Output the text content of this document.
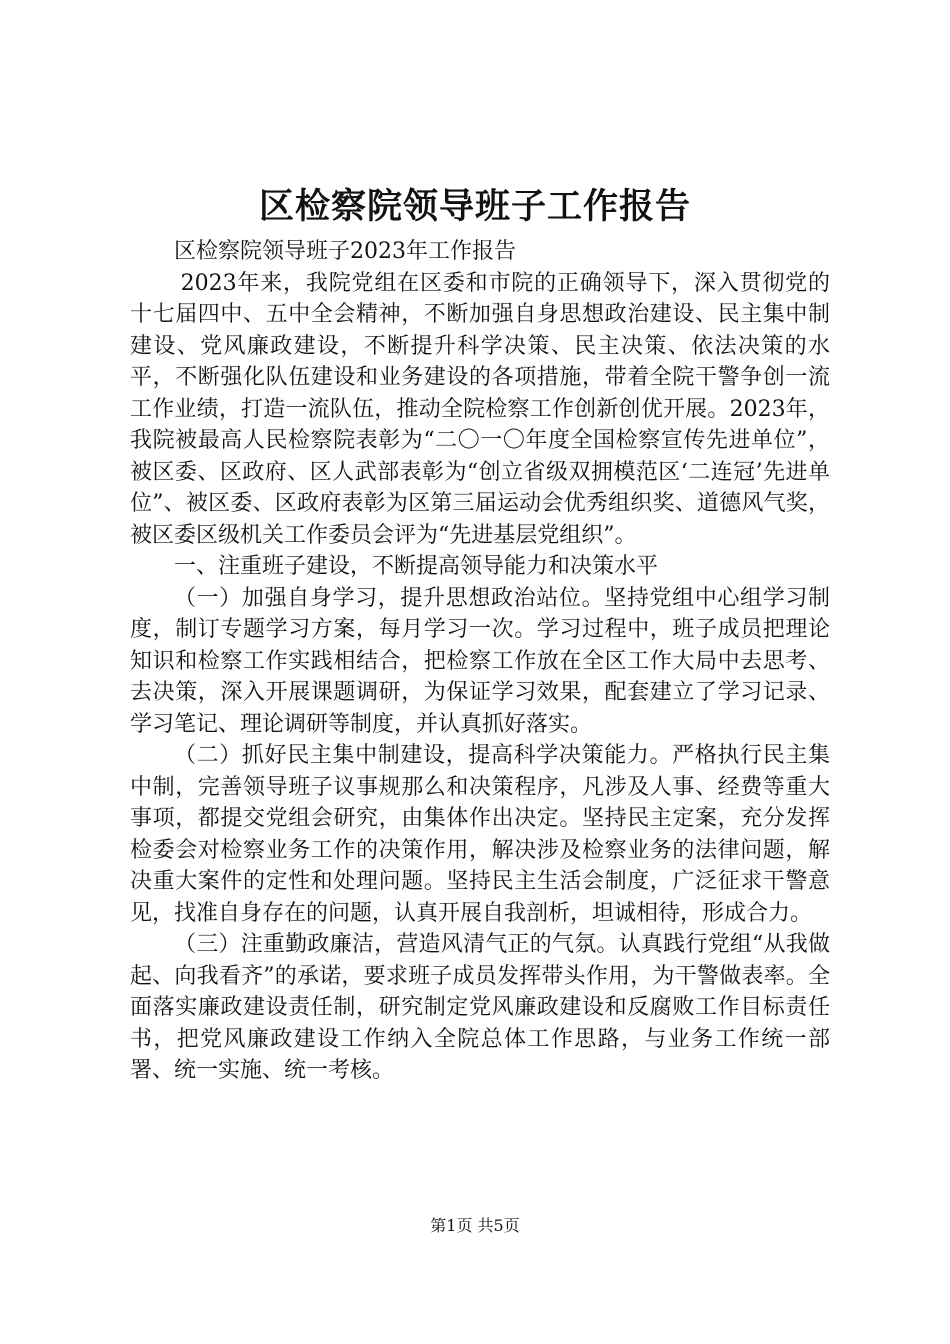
区检察院领导班子工作报告

区检察院领导班子2023年工作报告

2023年来，我院党组在区委和市院的正确领导下，深入贯彻党的十七届四中、五中全会精神，不断加强自身思想政治建设、民主集中制建设、党风廉政建设，不断提升科学决策、民主决策、依法决策的水平，不断强化队伍建设和业务建设的各项措施，带着全院干警争创一流工作业绩，打造一流队伍，推动全院检察工作创新创优开展。2023年，我院被最高人民检察院表彰为“二〇一〇年度全国检察宣传先进单位”，被区委、区政府、区人武部表彰为“创立省级双拥模范区‘二连冠’先进单位”、被区委、区政府表彰为区第三届运动会优秀组织奖、道德风气奖，被区委区级机关工作委员会评为“先进基层党组织”。

一、注重班子建设，不断提高领导能力和决策水平

（一）加强自身学习，提升思想政治站位。坚持党组中心组学习制度，制订专题学习方案，每月学习一次。学习过程中，班子成员把理论知识和检察工作实践相结合，把检察工作放在全区工作大局中去思考、去决策，深入开展课题调研，为保证学习效果，配套建立了学习记录、学习笔记、理论调研等制度，并认真抓好落实。

（二）抓好民主集中制建设，提高科学决策能力。严格执行民主集中制，完善领导班子议事规那么和决策程序，凡涉及人事、经费等重大事项，都提交党组会研究，由集体作出决定。坚持民主定案，充分发挥检委会对检察业务工作的决策作用，解决涉及检察业务的法律问题，解决重大案件的定性和处理问题。坚持民主生活会制度，广泛征求干警意见，找准自身存在的问题，认真开展自我剖析，坦诚相待，形成合力。

（三）注重勤政廉洁，营造风清气正的气氛。认真践行党组“从我做起、向我看齐”的承诺，要求班子成员发挥带头作用，为干警做表率。全面落实廉政建设责任制，研究制定党风廉政建设和反腐败工作目标责任书，把党风廉政建设工作纳入全院总体工作思路，与业务工作统一部署、统一实施、统一考核。

第1页 共5页
